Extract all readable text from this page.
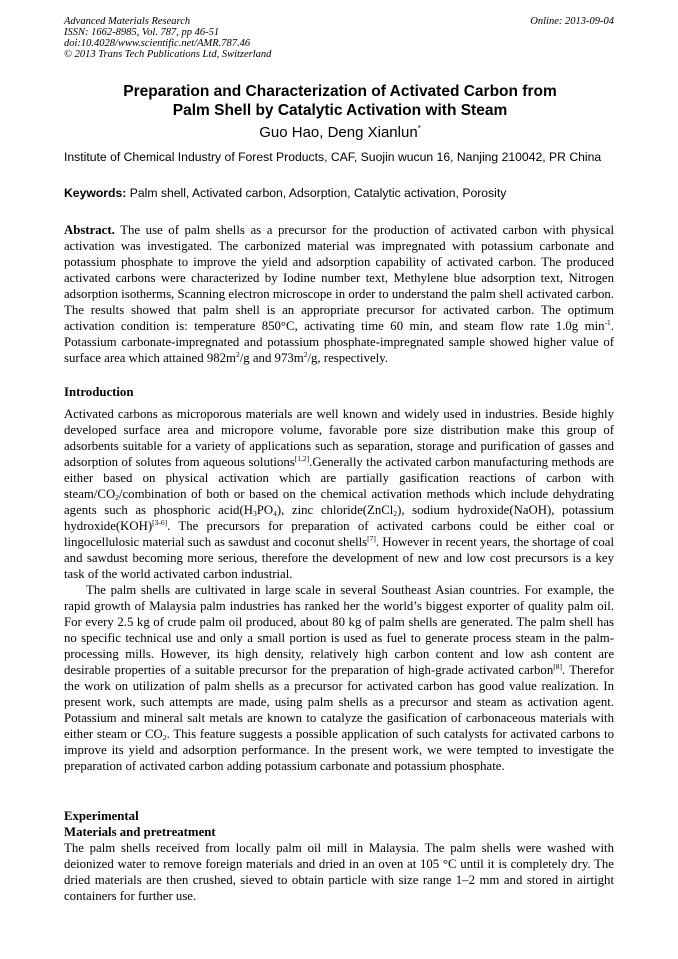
Advanced Materials Research
ISSN: 1662-8985, Vol. 787, pp 46-51
doi:10.4028/www.scientific.net/AMR.787.46
© 2013 Trans Tech Publications Ltd, Switzerland
Online: 2013-09-04
Preparation and Characterization of Activated Carbon from
Palm Shell by Catalytic Activation with Steam
Guo Hao, Deng Xianlun*
Institute of Chemical Industry of Forest Products, CAF, Suojin wucun 16, Nanjing 210042, PR China
Keywords: Palm shell, Activated carbon, Adsorption, Catalytic activation, Porosity

Abstract. The use of palm shells as a precursor for the production of activated carbon with physical activation was investigated. The carbonized material was impregnated with potassium carbonate and potassium phosphate to improve the yield and adsorption capability of activated carbon. The produced activated carbons were characterized by Iodine number text, Methylene blue adsorption text, Nitrogen adsorption isotherms, Scanning electron microscope in order to understand the palm shell activated carbon. The results showed that palm shell is an appropriate precursor for activated carbon. The optimum activation condition is: temperature 850°C, activating time 60 min, and steam flow rate 1.0g $\min^{-1}$. Potassium carbonate-impregnated and potassium phosphate-impregnated sample showed higher value of surface area which attained $982m^2/g$ and $973m^2/g$, respectively.

Introduction

Activated carbons as microporous materials are well known and widely used in industries. Beside highly developed surface area and micropore volume, favorable pore size distribution make this group of adsorbents suitable for a variety of applications such as separation, storage and purification of gasses and adsorption of solutes from aqueous solutions[1,2].Generally the activated carbon manufacturing methods are either based on physical activation which are partially gasification reactions of carbon with steam/$CO_2$/combination of both or based on the chemical activation methods which include dehydrating agents such as phosphoric $acid(H_3PO_4)$, zinc chloride(ZnCl$_2$), sodium hydroxide(NaOH), potassium hydroxide(KOH)[3-6]. The precursors for preparation of activated carbons could be either coal or lingocellulosic material such as sawdust and coconut shells[7]. However in recent years, the shortage of coal and sawdust becoming more serious, therefore the development of new and low cost precursors is a key task of the world activated carbon industrial.

The palm shells are cultivated in large scale in several Southeast Asian countries. For example, the rapid growth of Malaysia palm industries has ranked her the world’s biggest exporter of quality palm oil. For every 2.5 kg of crude palm oil produced, about 80 kg of palm shells are generated. The palm shell has no specific technical use and only a small portion is used as fuel to generate process steam in the palm-processing mills. However, its high density, relatively high carbon content and low ash content are desirable properties of a suitable precursor for the preparation of high-grade activated carbon[8]. Therefor the work on utilization of palm shells as a precursor for activated carbon has good value realization. In present work, such attempts are made, using palm shells as a precursor and steam as activation agent. Potassium and mineral salt metals are known to catalyze the gasification of carbonaceous materials with either steam or $CO_2$. This feature suggests a possible application of such catalysts for activated carbons to improve its yield and adsorption performance. In the present work, we were tempted to investigate the preparation of activated carbon adding potassium carbonate and potassium phosphate.

Experimental
Materials and pretreatment

The palm shells received from locally palm oil mill in Malaysia. The palm shells were washed with deionized water to remove foreign materials and dried in an oven at 105 °C until it is completely dry. The dried materials are then crushed, sieved to obtain particle with size range 1–2 mm and stored in airtight containers for further use.
